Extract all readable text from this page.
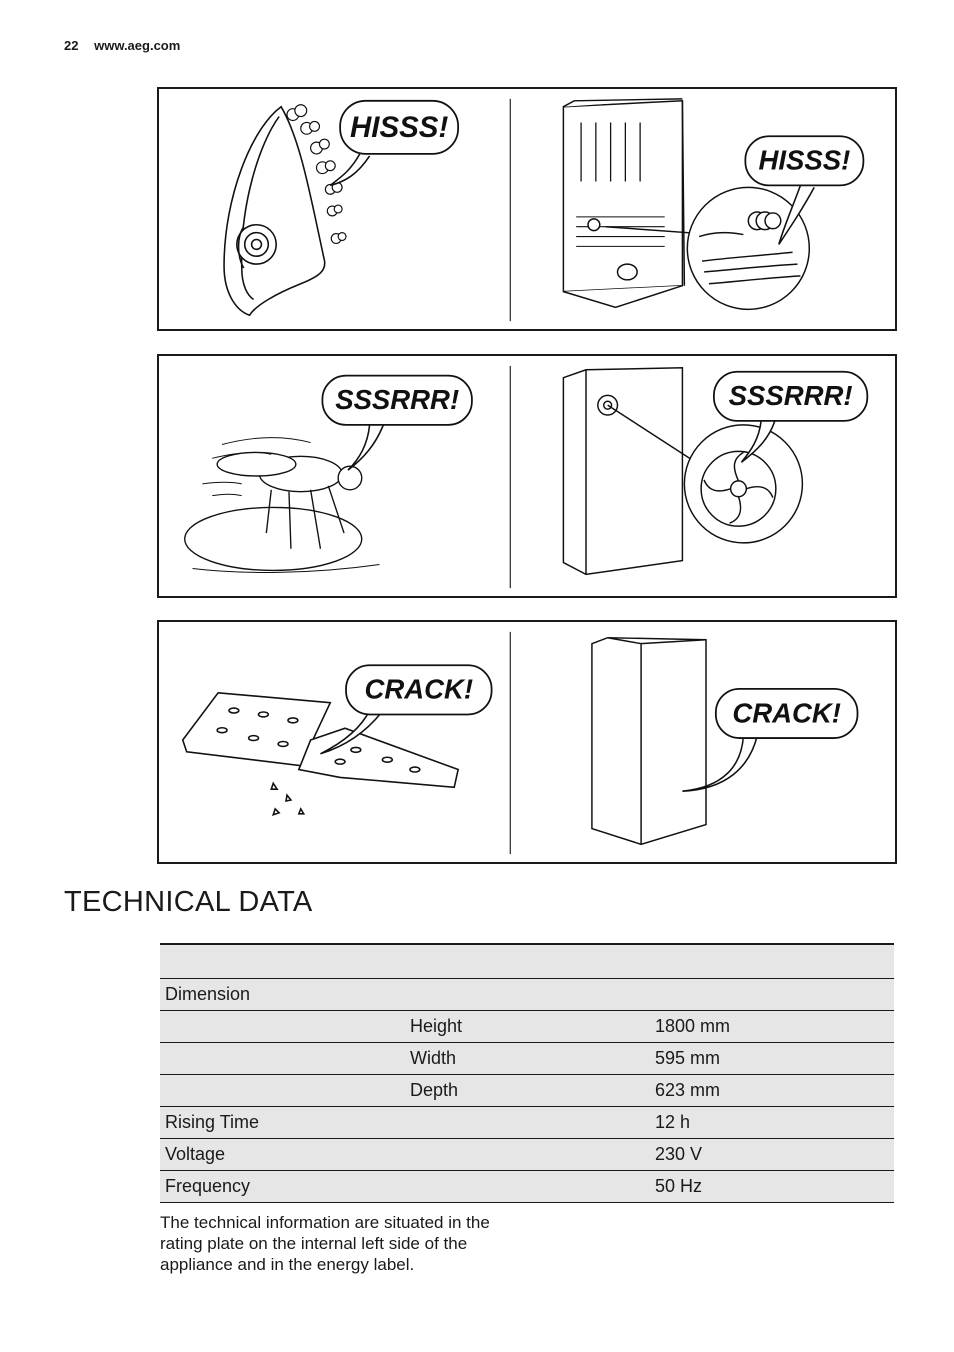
22 www.aeg.com
HISSS!
HISSS!
SSSRRR!	SSSRRR!
CRACK!
CRACK!
TECHNICAL DATA

Dimension		
	Height	1800 mm
	Width	595 mm
	Depth	623 mm
Rising Time		12 h
Voltage		230 V
Frequency		50 Hz
The technical information are situated in the rating plate on the internal left side of the appliance and in the energy label.
